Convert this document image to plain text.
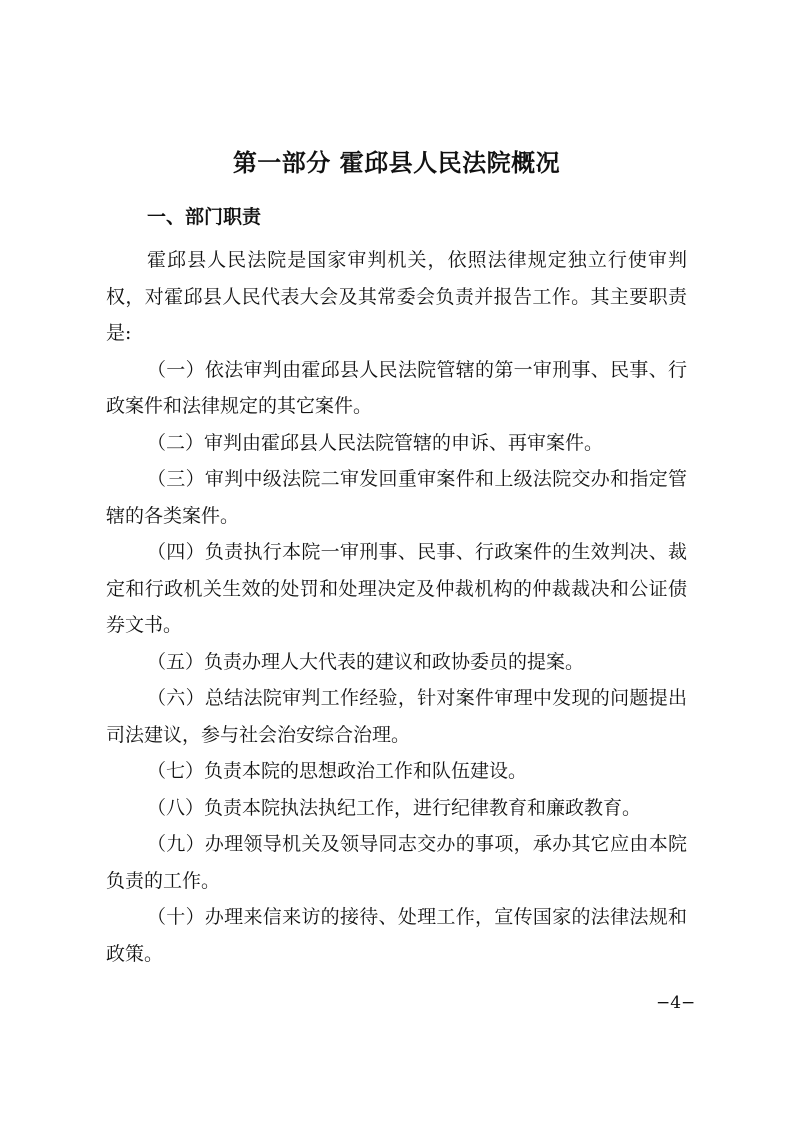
第一部分 霍邱县人民法院概况
一、部门职责

霍邱县人民法院是国家审判机关，依照法律规定独立行使审判权，对霍邱县人民代表大会及其常委会负责并报告工作。其主要职责是:

（一）依法审判由霍邱县人民法院管辖的第一审刑事、民事、行政案件和法律规定的其它案件。

（二）审判由霍邱县人民法院管辖的申诉、再审案件。

（三）审判中级法院二审发回重审案件和上级法院交办和指定管辖的各类案件。

（四）负责执行本院一审刑事、民事、行政案件的生效判决、裁定和行政机关生效的处罚和处理决定及仲裁机构的仲裁裁决和公证债券文书。

（五）负责办理人大代表的建议和政协委员的提案。

（六）总结法院审判工作经验，针对案件审理中发现的问题提出司法建议，参与社会治安综合治理。

（七）负责本院的思想政治工作和队伍建设。

（八）负责本院执法执纪工作，进行纪律教育和廉政教育。

（九）办理领导机关及领导同志交办的事项，承办其它应由本院负责的工作。

（十）办理来信来访的接待、处理工作，宣传国家的法律法规和政策。

−4−
